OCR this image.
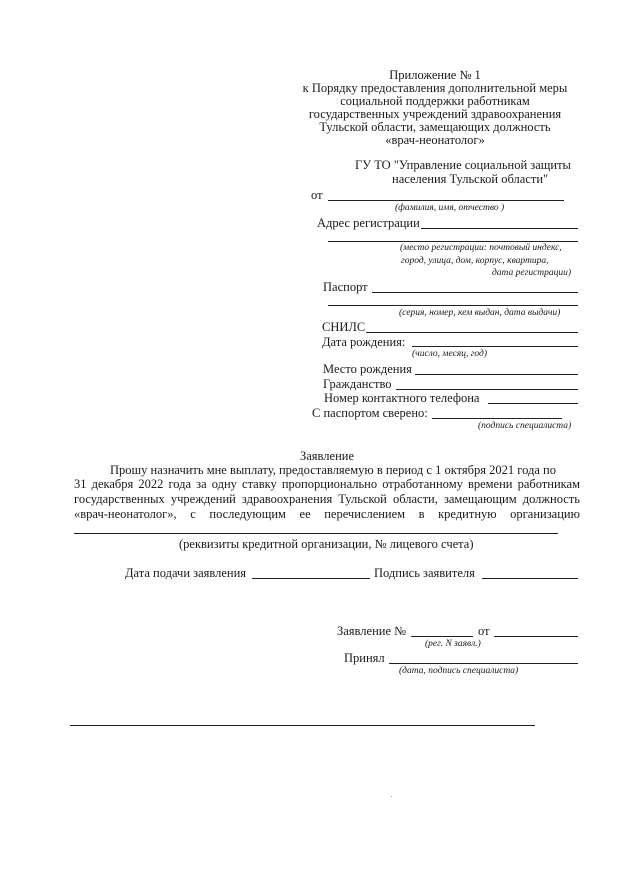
Приложение № 1
к Порядку предоставления дополнительной меры
социальной поддержки работникам
государственных учреждений здравоохранения
Тульской области, замещающих должность
«врач-неонатолог»
ГУ ТО "Управление социальной защиты
населения Тульской области"
от
(фамилия, имя, отчество )
Адрес регистрации
(место регистрации: почтовый индекс,
город, улица, дом, корпус, квартира,
дата регистрации)
Паспорт
(серия, номер, кем выдан, дата выдачи)
СНИЛС
Дата рождения:
(число, месяц, год)
Место рождения
Гражданство
Номер контактного телефона
С паспортом сверено:
(подпись специалиста)
Заявление
Прошу назначить мне выплату, предоставляемую в период с 1 октября 2021 года по
31 декабря 2022 года за одну ставку пропорционально отработанному времени работникам
государственных учреждений здравоохранения Тульской области, замещающим должность
«врач-неонатолог», с последующим ее перечислением в кредитную организацию
(реквизиты кредитной организации, № лицевого счета)
Дата подачи заявления	Подпись заявителя
Заявление №	от
(рег. N заявл.)
Принял
(дата, подпись специалиста)
